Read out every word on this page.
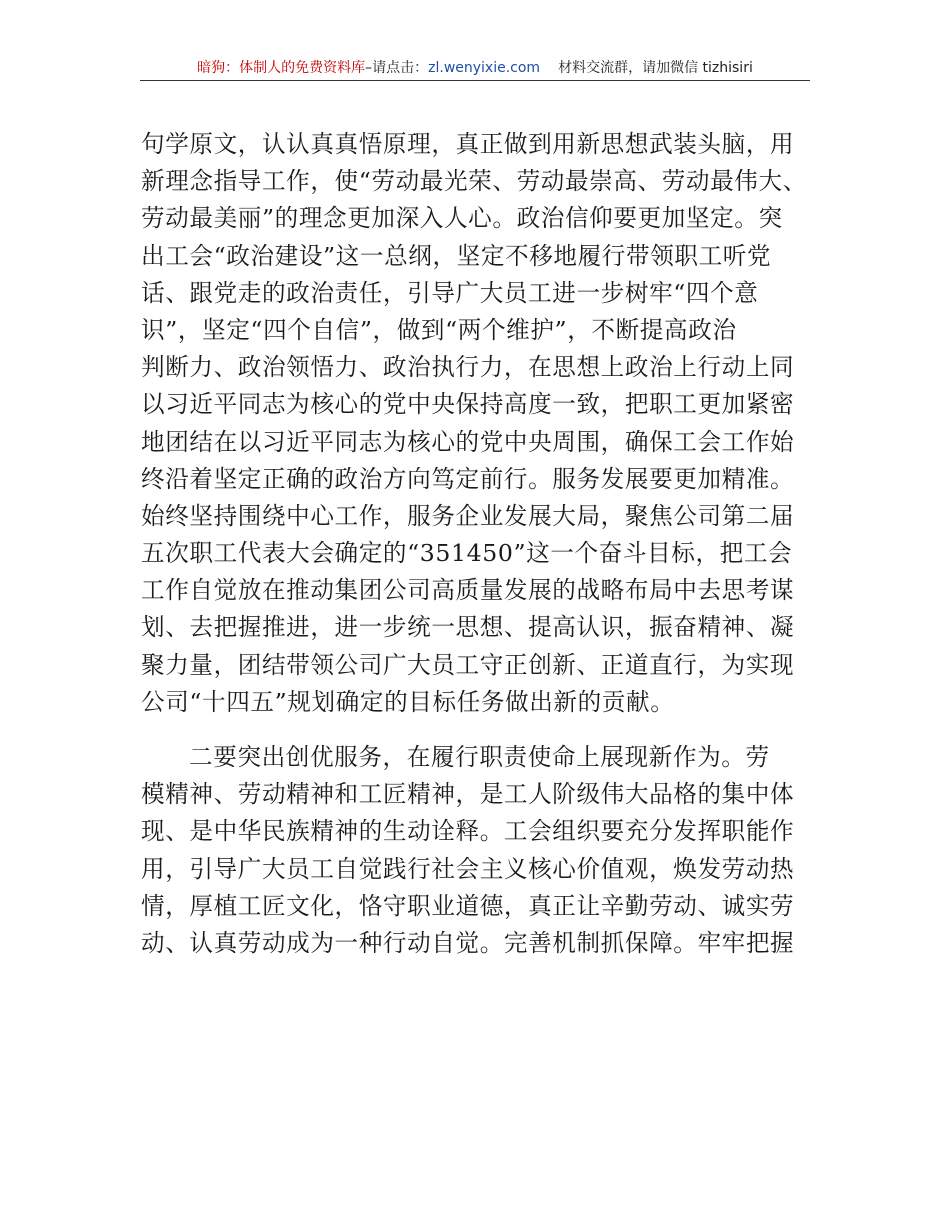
暗狗：体制人的免费资料库–请点击：zl.wenyixie.com 材料交流群，请加微信 tizhisiri
句学原文，认认真真悟原理，真正做到用新思想武装头脑，用
新理念指导工作，使“劳动最光荣、劳动最崇高、劳动最伟大、
劳动最美丽”的理念更加深入人心。政治信仰要更加坚定。突
出工会“政治建设”这一总纲，坚定不移地履行带领职工听党
话、跟党走的政治责任，引导广大员工进一步树牢“四个意
识”，坚定“四个自信”，做到“两个维护”，不断提高政治
判断力、政治领悟力、政治执行力，在思想上政治上行动上同
以习近平同志为核心的党中央保持高度一致，把职工更加紧密
地团结在以习近平同志为核心的党中央周围，确保工会工作始
终沿着坚定正确的政治方向笃定前行。服务发展要更加精准。
始终坚持围绕中心工作，服务企业发展大局，聚焦公司第二届
五次职工代表大会确定的“351450”这一个奋斗目标，把工会
工作自觉放在推动集团公司高质量发展的战略布局中去思考谋
划、去把握推进，进一步统一思想、提高认识，振奋精神、凝
聚力量，团结带领公司广大员工守正创新、正道直行，为实现
公司“十四五”规划确定的目标任务做出新的贡献。
二要突出创优服务，在履行职责使命上展现新作为。劳
模精神、劳动精神和工匠精神，是工人阶级伟大品格的集中体
现、是中华民族精神的生动诠释。工会组织要充分发挥职能作
用，引导广大员工自觉践行社会主义核心价值观，焕发劳动热
情，厚植工匠文化，恪守职业道德，真正让辛勤劳动、诚实劳
动、认真劳动成为一种行动自觉。完善机制抓保障。牢牢把握
